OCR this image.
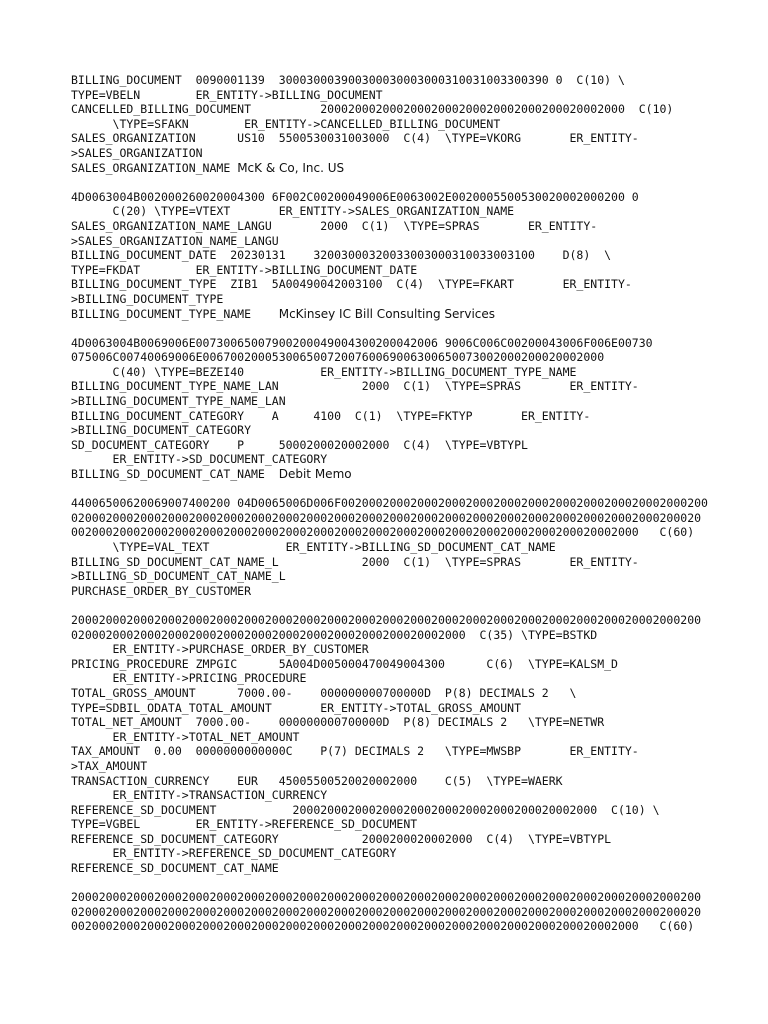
BILLING_DOCUMENT  0090001139  300030003900300030003000310031003300390 0  C(10) \
TYPE=VBELN        ER_ENTITY->BILLING_DOCUMENT
CANCELLED_BILLING_DOCUMENT          20002000200020002000200020002000200020002000  C(10)
\TYPE=SFAKN        ER_ENTITY->CANCELLED_BILLING_DOCUMENT
SALES_ORGANIZATION      US10  5500530031003000  C(4)  \TYPE=VKORG       ER_ENTITY-
>SALES_ORGANIZATION
SALES_ORGANIZATION_NAME McK & Co, Inc. US
4D0063004B002000260020004300 6F002C00200049006E0063002E0020005500530020002000200 0
C(20) \TYPE=VTEXT       ER_ENTITY->SALES_ORGANIZATION_NAME
SALES_ORGANIZATION_NAME_LANGU       2000  C(1)  \TYPE=SPRAS       ER_ENTITY-
>SALES_ORGANIZATION_NAME_LANGU
BILLING_DOCUMENT_DATE  20230131    32003000320033003000310033003100    D(8)  \
TYPE=FKDAT        ER_ENTITY->BILLING_DOCUMENT_DATE
BILLING_DOCUMENT_TYPE  ZIB1  5A00490042003100  C(4)  \TYPE=FKART       ER_ENTITY-
>BILLING_DOCUMENT_TYPE
BILLING_DOCUMENT_TYPE_NAME McKinsey IC Bill Consulting Services
4D0063004B0069006E00730065007900200049004300200042006 9006C006C00200043006F006E00730
075006C00740069006E0067002000530065007200760069006300650073002000200020002000
C(40) \TYPE=BEZEI40           ER_ENTITY->BILLING_DOCUMENT_TYPE_NAME
BILLING_DOCUMENT_TYPE_NAME_LAN            2000  C(1)  \TYPE=SPRAS       ER_ENTITY-
>BILLING_DOCUMENT_TYPE_NAME_LAN
BILLING_DOCUMENT_CATEGORY    A     4100  C(1)  \TYPE=FKTYP       ER_ENTITY-
>BILLING_DOCUMENT_CATEGORY
SD_DOCUMENT_CATEGORY    P     5000200020002000  C(4)  \TYPE=VBTYPL
ER_ENTITY->SD_DOCUMENT_CATEGORY
BILLING_SD_DOCUMENT_CAT_NAME Debit Memo
44006500620069007400200 04D0065006D006F00200020002000200020002000200020002000200020002000200
0200020002000200020002000200020002000200020002000200020002000200020002000200020002000200020
0020002000200020002000200020002000200020002000200020002000200020002000200020002000   C(60)
\TYPE=VAL_TEXT           ER_ENTITY->BILLING_SD_DOCUMENT_CAT_NAME
BILLING_SD_DOCUMENT_CAT_NAME_L            2000  C(1)  \TYPE=SPRAS       ER_ENTITY-
>BILLING_SD_DOCUMENT_CAT_NAME_L
PURCHASE_ORDER_BY_CUSTOMER
2000200020002000200020002000200020002000200020002000200020002000200020002000200020002000200
020002000200020002000200020002000200020002000200020002000  C(35) \TYPE=BSTKD
ER_ENTITY->PURCHASE_ORDER_BY_CUSTOMER
PRICING_PROCEDURE ZMPGIC      5A004D005000470049004300      C(6)  \TYPE=KALSM_D
ER_ENTITY->PRICING_PROCEDURE
TOTAL_GROSS_AMOUNT      7000.00-    000000000700000D  P(8) DECIMALS 2   \
TYPE=SDBIL_ODATA_TOTAL_AMOUNT       ER_ENTITY->TOTAL_GROSS_AMOUNT
TOTAL_NET_AMOUNT  7000.00-    000000000700000D  P(8) DECIMALS 2   \TYPE=NETWR
ER_ENTITY->TOTAL_NET_AMOUNT
TAX_AMOUNT  0.00  0000000000000C    P(7) DECIMALS 2   \TYPE=MWSBP       ER_ENTITY-
>TAX_AMOUNT
TRANSACTION_CURRENCY    EUR   45005500520020002000    C(5)  \TYPE=WAERK
ER_ENTITY->TRANSACTION_CURRENCY
REFERENCE_SD_DOCUMENT           20002000200020002000200020002000200020002000  C(10) \
TYPE=VGBEL        ER_ENTITY->REFERENCE_SD_DOCUMENT
REFERENCE_SD_DOCUMENT_CATEGORY            2000200020002000  C(4)  \TYPE=VBTYPL
ER_ENTITY->REFERENCE_SD_DOCUMENT_CATEGORY
REFERENCE_SD_DOCUMENT_CAT_NAME
2000200020002000200020002000200020002000200020002000200020002000200020002000200020002000200
0200020002000200020002000200020002000200020002000200020002000200020002000200020002000200020
0020002000200020002000200020002000200020002000200020002000200020002000200020002000   C(60)
